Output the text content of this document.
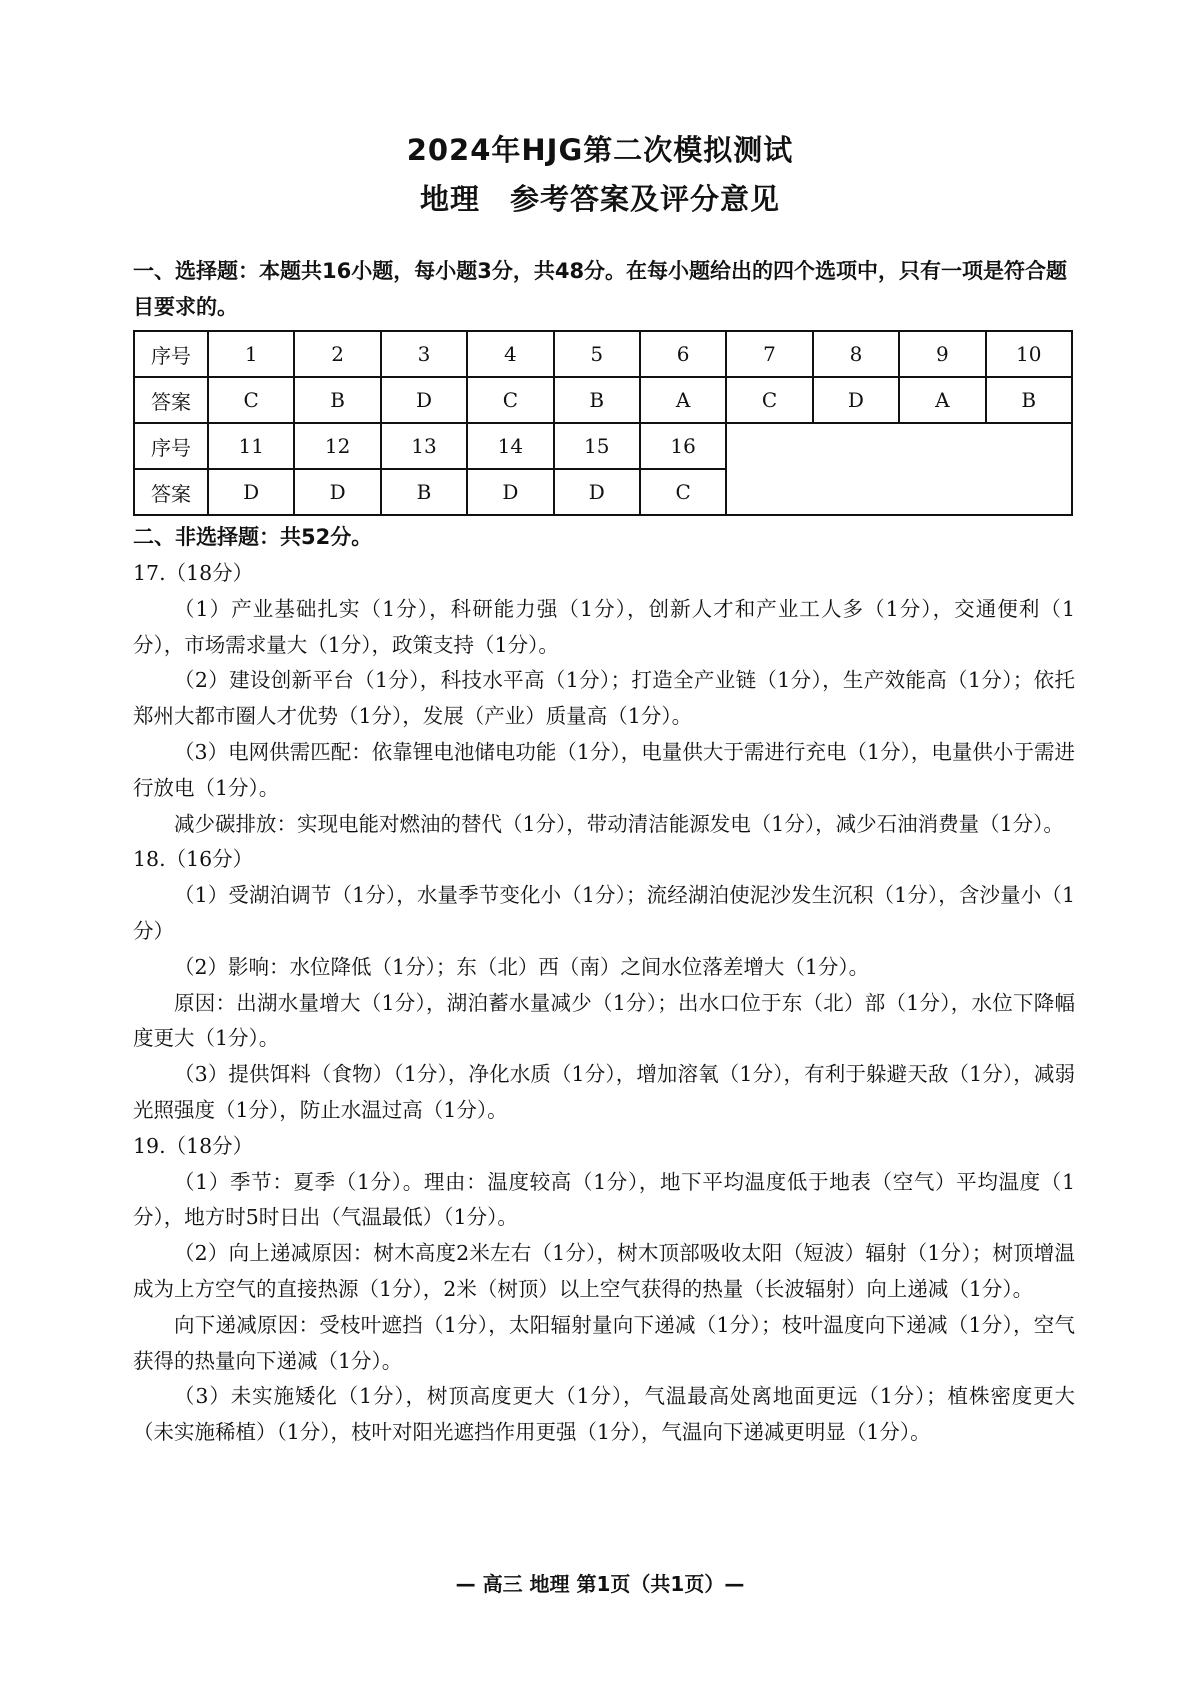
2024年HJG第二次模拟测试
地理　参考答案及评分意见
一、选择题：本题共16小题，每小题3分，共48分。在每小题给出的四个选项中，只有一项是符合题目要求的。
序号	1	2	3	4	5	6	7	8	9	10
答案	C	B	D	C	B	A	C	D	A	B
序号	11	12	13	14	15	16				
答案	D	D	B	D	D	C				
二、非选择题：共52分。

17.（18分）

（1）产业基础扎实（1分），科研能力强（1分），创新人才和产业工人多（1分），交通便利（1分），市场需求量大（1分），政策支持（1分）。

（2）建设创新平台（1分），科技水平高（1分）；打造全产业链（1分），生产效能高（1分）；依托郑州大都市圈人才优势（1分），发展（产业）质量高（1分）。

（3）电网供需匹配：依靠锂电池储电功能（1分），电量供大于需进行充电（1分），电量供小于需进行放电（1分）。

减少碳排放：实现电能对燃油的替代（1分），带动清洁能源发电（1分），减少石油消费量（1分）。

18.（16分）

（1）受湖泊调节（1分），水量季节变化小（1分）；流经湖泊使泥沙发生沉积（1分），含沙量小（1分）

（2）影响：水位降低（1分）；东（北）西（南）之间水位落差增大（1分）。

原因：出湖水量增大（1分），湖泊蓄水量减少（1分）；出水口位于东（北）部（1分），水位下降幅度更大（1分）。

（3）提供饵料（食物）（1分），净化水质（1分），增加溶氧（1分），有利于躲避天敌（1分），减弱光照强度（1分），防止水温过高（1分）。

19.（18分）

（1）季节：夏季（1分）。理由：温度较高（1分），地下平均温度低于地表（空气）平均温度（1分），地方时5时日出（气温最低）（1分）。

（2）向上递减原因：树木高度2米左右（1分），树木顶部吸收太阳（短波）辐射（1分）；树顶增温成为上方空气的直接热源（1分），2米（树顶）以上空气获得的热量（长波辐射）向上递减（1分）。

向下递减原因：受枝叶遮挡（1分），太阳辐射量向下递减（1分）；枝叶温度向下递减（1分），空气获得的热量向下递减（1分）。

（3）未实施矮化（1分），树顶高度更大（1分），气温最高处离地面更远（1分）；植株密度更大（未实施稀植）（1分），枝叶对阳光遮挡作用更强（1分），气温向下递减更明显（1分）。

— 高三 地理 第1页（共1页）—
